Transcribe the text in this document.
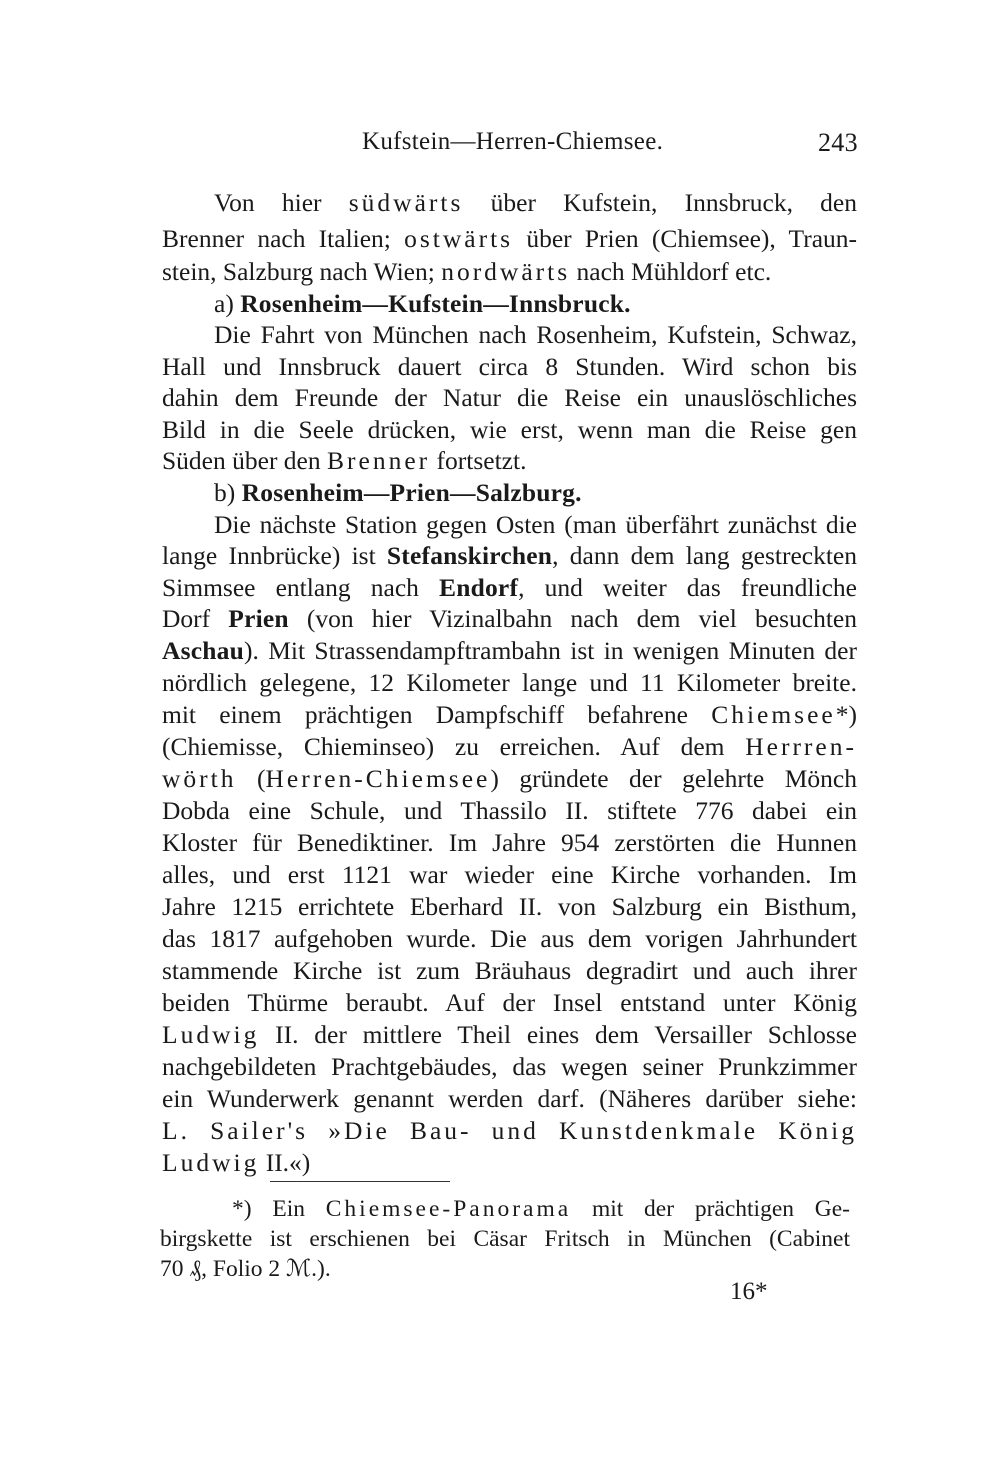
Kufstein—Herren-Chiemsee.	243
Von hier südwärts über Kufstein, Innsbruck, den
Brenner nach Italien; ostwärts über Prien (Chiemsee), Traun-
stein, Salzburg nach Wien; nordwärts nach Mühldorf etc.
a) Rosenheim—Kufstein—Innsbruck.
Die Fahrt von München nach Rosenheim, Kufstein, Schwaz,
Hall und Innsbruck dauert circa 8 Stunden. Wird schon bis
dahin dem Freunde der Natur die Reise ein unauslöschliches
Bild in die Seele drücken, wie erst, wenn man die Reise gen
Süden über den Brenner fortsetzt.
b) Rosenheim—Prien—Salzburg.
Die nächste Station gegen Osten (man überfährt zunächst die
lange Innbrücke) ist Stefanskirchen, dann dem lang gestreckten
Simmsee entlang nach Endorf, und weiter das freundliche
Dorf Prien (von hier Vizinalbahn nach dem viel besuchten
Aschau). Mit Strassendampftrambahn ist in wenigen Minuten der
nördlich gelegene, 12 Kilometer lange und 11 Kilometer breite.
mit einem prächtigen Dampfschiff befahrene Chiemsee*)
(Chiemisse, Chieminseo) zu erreichen. Auf dem Herrren-
wörth (Herren-Chiemsee) gründete der gelehrte Mönch
Dobda eine Schule, und Thassilo II. stiftete 776 dabei ein
Kloster für Benediktiner. Im Jahre 954 zerstörten die Hunnen
alles, und erst 1121 war wieder eine Kirche vorhanden. Im
Jahre 1215 errichtete Eberhard II. von Salzburg ein Bisthum,
das 1817 aufgehoben wurde. Die aus dem vorigen Jahrhundert
stammende Kirche ist zum Bräuhaus degradirt und auch ihrer
beiden Thürme beraubt. Auf der Insel entstand unter König
Ludwig II. der mittlere Theil eines dem Versailler Schlosse
nachgebildeten Prachtgebäudes, das wegen seiner Prunkzimmer
ein Wunderwerk genannt werden darf. (Näheres darüber siehe:
L. Sailer's »Die Bau- und Kunstdenkmale König
Ludwig II.«)
*) Ein Chiemsee-Panorama mit der prächtigen Ge-
birgskette ist erschienen bei Cäsar Fritsch in München (Cabinet
70 ₰, Folio 2 ℳ.).
16*
